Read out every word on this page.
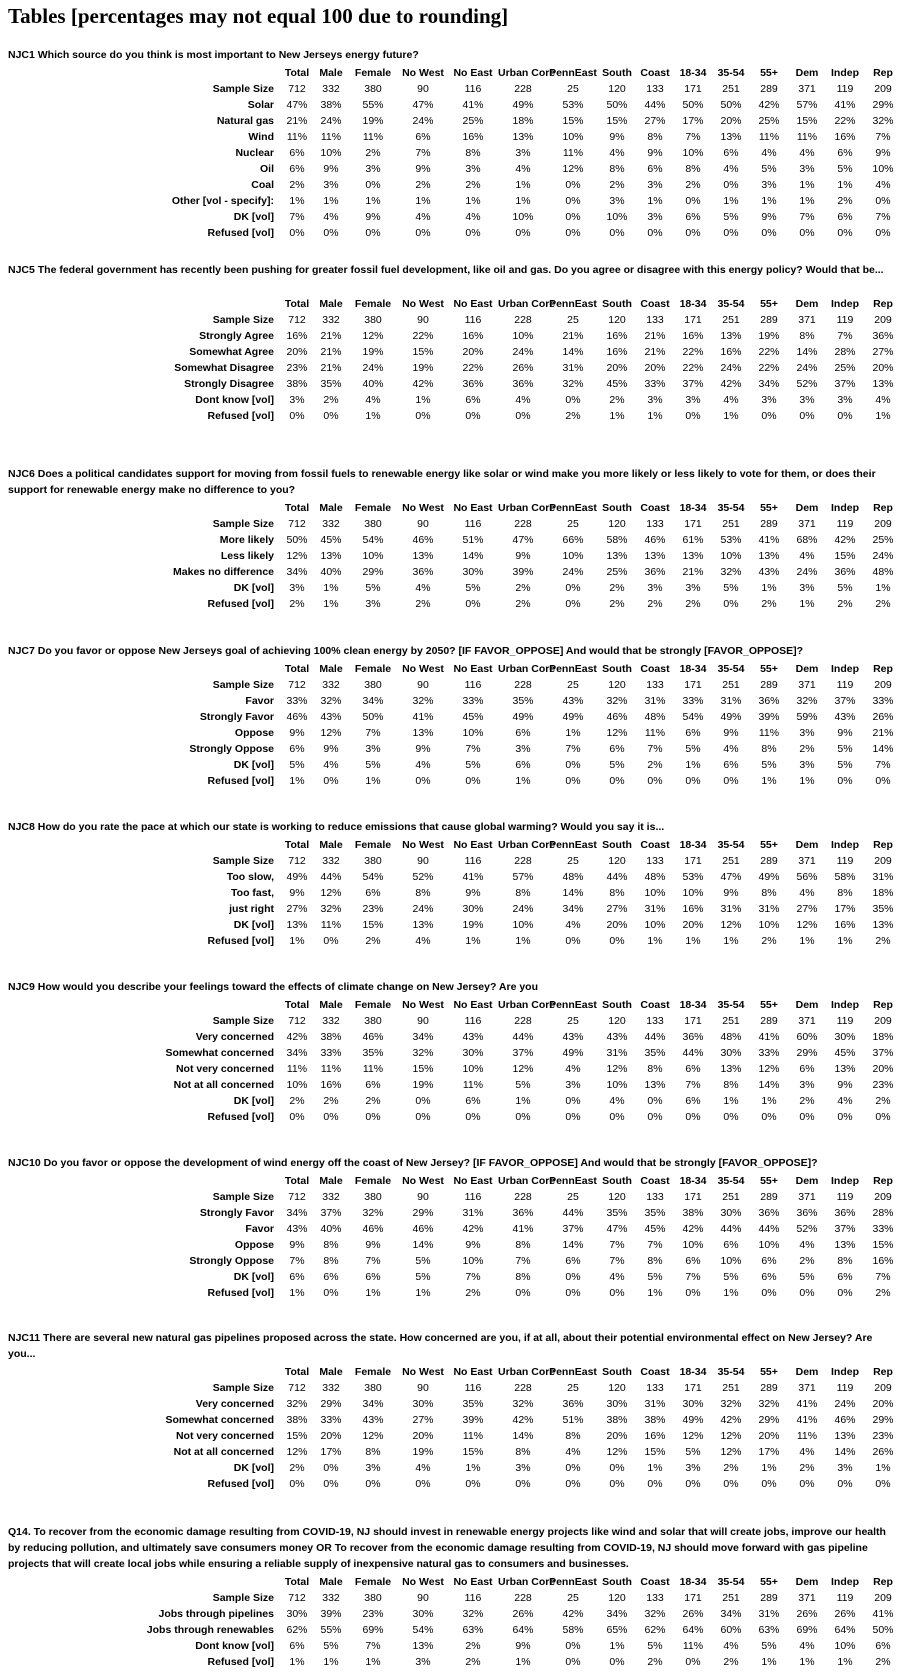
Tables [percentages may not equal 100 due to rounding]
NJC1 Which source do you think is most important to New Jerseys energy future?
	Total	Male	Female	No West	No East	Urban Core	PennEast	South	Coast	18-34	35-54	55+	Dem	Indep	Rep
Sample Size	712	332	380	90	116	228	25	120	133	171	251	289	371	119	209
Solar	47%	38%	55%	47%	41%	49%	53%	50%	44%	50%	50%	42%	57%	41%	29%
Natural gas	21%	24%	19%	24%	25%	18%	15%	15%	27%	17%	20%	25%	15%	22%	32%
Wind	11%	11%	11%	6%	16%	13%	10%	9%	8%	7%	13%	11%	11%	16%	7%
Nuclear	6%	10%	2%	7%	8%	3%	11%	4%	9%	10%	6%	4%	4%	6%	9%
Oil	6%	9%	3%	9%	3%	4%	12%	8%	6%	8%	4%	5%	3%	5%	10%
Coal	2%	3%	0%	2%	2%	1%	0%	2%	3%	2%	0%	3%	1%	1%	4%
Other [vol - specify]:	1%	1%	1%	1%	1%	1%	0%	3%	1%	0%	1%	1%	1%	2%	0%
DK [vol]	7%	4%	9%	4%	4%	10%	0%	10%	3%	6%	5%	9%	7%	6%	7%
Refused [vol]	0%	0%	0%	0%	0%	0%	0%	0%	0%	0%	0%	0%	0%	0%	0%
NJC5 The federal government has recently been pushing for greater fossil fuel development, like oil and gas. Do you agree or disagree with this energy policy? Would that be...
	Total	Male	Female	No West	No East	Urban Core	PennEast	South	Coast	18-34	35-54	55+	Dem	Indep	Rep
Sample Size	712	332	380	90	116	228	25	120	133	171	251	289	371	119	209
Strongly Agree	16%	21%	12%	22%	16%	10%	21%	16%	21%	16%	13%	19%	8%	7%	36%
Somewhat Agree	20%	21%	19%	15%	20%	24%	14%	16%	21%	22%	16%	22%	14%	28%	27%
Somewhat Disagree	23%	21%	24%	19%	22%	26%	31%	20%	20%	22%	24%	22%	24%	25%	20%
Strongly Disagree	38%	35%	40%	42%	36%	36%	32%	45%	33%	37%	42%	34%	52%	37%	13%
Dont know [vol]	3%	2%	4%	1%	6%	4%	0%	2%	3%	3%	4%	3%	3%	3%	4%
Refused [vol]	0%	0%	1%	0%	0%	0%	2%	1%	1%	0%	1%	0%	0%	0%	1%
NJC6 Does a political candidates support for moving from fossil fuels to renewable energy like solar or wind make you more likely or less likely to vote for them, or does their support for renewable energy make no difference to you?
	Total	Male	Female	No West	No East	Urban Core	PennEast	South	Coast	18-34	35-54	55+	Dem	Indep	Rep
Sample Size	712	332	380	90	116	228	25	120	133	171	251	289	371	119	209
More likely	50%	45%	54%	46%	51%	47%	66%	58%	46%	61%	53%	41%	68%	42%	25%
Less likely	12%	13%	10%	13%	14%	9%	10%	13%	13%	13%	10%	13%	4%	15%	24%
Makes no difference	34%	40%	29%	36%	30%	39%	24%	25%	36%	21%	32%	43%	24%	36%	48%
DK [vol]	3%	1%	5%	4%	5%	2%	0%	2%	3%	3%	5%	1%	3%	5%	1%
Refused [vol]	2%	1%	3%	2%	0%	2%	0%	2%	2%	2%	0%	2%	1%	2%	2%
NJC7 Do you favor or oppose New Jerseys goal of achieving 100% clean energy by 2050? [IF FAVOR_OPPOSE] And would that be strongly [FAVOR_OPPOSE]?
	Total	Male	Female	No West	No East	Urban Core	PennEast	South	Coast	18-34	35-54	55+	Dem	Indep	Rep
Sample Size	712	332	380	90	116	228	25	120	133	171	251	289	371	119	209
Favor	33%	32%	34%	32%	33%	35%	43%	32%	31%	33%	31%	36%	32%	37%	33%
Strongly Favor	46%	43%	50%	41%	45%	49%	49%	46%	48%	54%	49%	39%	59%	43%	26%
Oppose	9%	12%	7%	13%	10%	6%	1%	12%	11%	6%	9%	11%	3%	9%	21%
Strongly Oppose	6%	9%	3%	9%	7%	3%	7%	6%	7%	5%	4%	8%	2%	5%	14%
DK [vol]	5%	4%	5%	4%	5%	6%	0%	5%	2%	1%	6%	5%	3%	5%	7%
Refused [vol]	1%	0%	1%	0%	0%	1%	0%	0%	0%	0%	0%	1%	1%	0%	0%
NJC8 How do you rate the pace at which our state is working to reduce emissions that cause global warming? Would you say it is...
	Total	Male	Female	No West	No East	Urban Core	PennEast	South	Coast	18-34	35-54	55+	Dem	Indep	Rep
Sample Size	712	332	380	90	116	228	25	120	133	171	251	289	371	119	209
Too slow,	49%	44%	54%	52%	41%	57%	48%	44%	48%	53%	47%	49%	56%	58%	31%
Too fast,	9%	12%	6%	8%	9%	8%	14%	8%	10%	10%	9%	8%	4%	8%	18%
just right	27%	32%	23%	24%	30%	24%	34%	27%	31%	16%	31%	31%	27%	17%	35%
DK [vol]	13%	11%	15%	13%	19%	10%	4%	20%	10%	20%	12%	10%	12%	16%	13%
Refused [vol]	1%	0%	2%	4%	1%	1%	0%	0%	1%	1%	1%	2%	1%	1%	2%
NJC9 How would you describe your feelings toward the effects of climate change on New Jersey? Are you
	Total	Male	Female	No West	No East	Urban Core	PennEast	South	Coast	18-34	35-54	55+	Dem	Indep	Rep
Sample Size	712	332	380	90	116	228	25	120	133	171	251	289	371	119	209
Very concerned	42%	38%	46%	34%	43%	44%	43%	43%	44%	36%	48%	41%	60%	30%	18%
Somewhat concerned	34%	33%	35%	32%	30%	37%	49%	31%	35%	44%	30%	33%	29%	45%	37%
Not very concerned	11%	11%	11%	15%	10%	12%	4%	12%	8%	6%	13%	12%	6%	13%	20%
Not at all concerned	10%	16%	6%	19%	11%	5%	3%	10%	13%	7%	8%	14%	3%	9%	23%
DK [vol]	2%	2%	2%	0%	6%	1%	0%	4%	0%	6%	1%	1%	2%	4%	2%
Refused [vol]	0%	0%	0%	0%	0%	0%	0%	0%	0%	0%	0%	0%	0%	0%	0%
NJC10 Do you favor or oppose the development of wind energy off the coast of New Jersey? [IF FAVOR_OPPOSE] And would that be strongly [FAVOR_OPPOSE]?
	Total	Male	Female	No West	No East	Urban Core	PennEast	South	Coast	18-34	35-54	55+	Dem	Indep	Rep
Sample Size	712	332	380	90	116	228	25	120	133	171	251	289	371	119	209
Strongly Favor	34%	37%	32%	29%	31%	36%	44%	35%	35%	38%	30%	36%	36%	36%	28%
Favor	43%	40%	46%	46%	42%	41%	37%	47%	45%	42%	44%	44%	52%	37%	33%
Oppose	9%	8%	9%	14%	9%	8%	14%	7%	7%	10%	6%	10%	4%	13%	15%
Strongly Oppose	7%	8%	7%	5%	10%	7%	6%	7%	8%	6%	10%	6%	2%	8%	16%
DK [vol]	6%	6%	6%	5%	7%	8%	0%	4%	5%	7%	5%	6%	5%	6%	7%
Refused [vol]	1%	0%	1%	1%	2%	0%	0%	0%	1%	0%	1%	0%	0%	0%	2%
NJC11 There are several new natural gas pipelines proposed across the state. How concerned are you, if at all, about their potential environmental effect on New Jersey? Are you...
	Total	Male	Female	No West	No East	Urban Core	PennEast	South	Coast	18-34	35-54	55+	Dem	Indep	Rep
Sample Size	712	332	380	90	116	228	25	120	133	171	251	289	371	119	209
Very concerned	32%	29%	34%	30%	35%	32%	36%	30%	31%	30%	32%	32%	41%	24%	20%
Somewhat concerned	38%	33%	43%	27%	39%	42%	51%	38%	38%	49%	42%	29%	41%	46%	29%
Not very concerned	15%	20%	12%	20%	11%	14%	8%	20%	16%	12%	12%	20%	11%	13%	23%
Not at all concerned	12%	17%	8%	19%	15%	8%	4%	12%	15%	5%	12%	17%	4%	14%	26%
DK [vol]	2%	0%	3%	4%	1%	3%	0%	0%	1%	3%	2%	1%	2%	3%	1%
Refused [vol]	0%	0%	0%	0%	0%	0%	0%	0%	0%	0%	0%	0%	0%	0%	0%
Q14. To recover from the economic damage resulting from COVID-19, NJ should invest in renewable energy projects like wind and solar that will create jobs, improve our health by reducing pollution, and ultimately save consumers money OR To recover from the economic damage resulting from COVID-19, NJ should move forward with gas pipeline projects that will create local jobs while ensuring a reliable supply of inexpensive natural gas to consumers and businesses.
	Total	Male	Female	No West	No East	Urban Core	PennEast	South	Coast	18-34	35-54	55+	Dem	Indep	Rep
Sample Size	712	332	380	90	116	228	25	120	133	171	251	289	371	119	209
Jobs through pipelines	30%	39%	23%	30%	32%	26%	42%	34%	32%	26%	34%	31%	26%	26%	41%
Jobs through renewables	62%	55%	69%	54%	63%	64%	58%	65%	62%	64%	60%	63%	69%	64%	50%
Dont know [vol]	6%	5%	7%	13%	2%	9%	0%	1%	5%	11%	4%	5%	4%	10%	6%
Refused [vol]	1%	1%	1%	3%	2%	1%	0%	0%	2%	0%	2%	1%	1%	1%	2%
